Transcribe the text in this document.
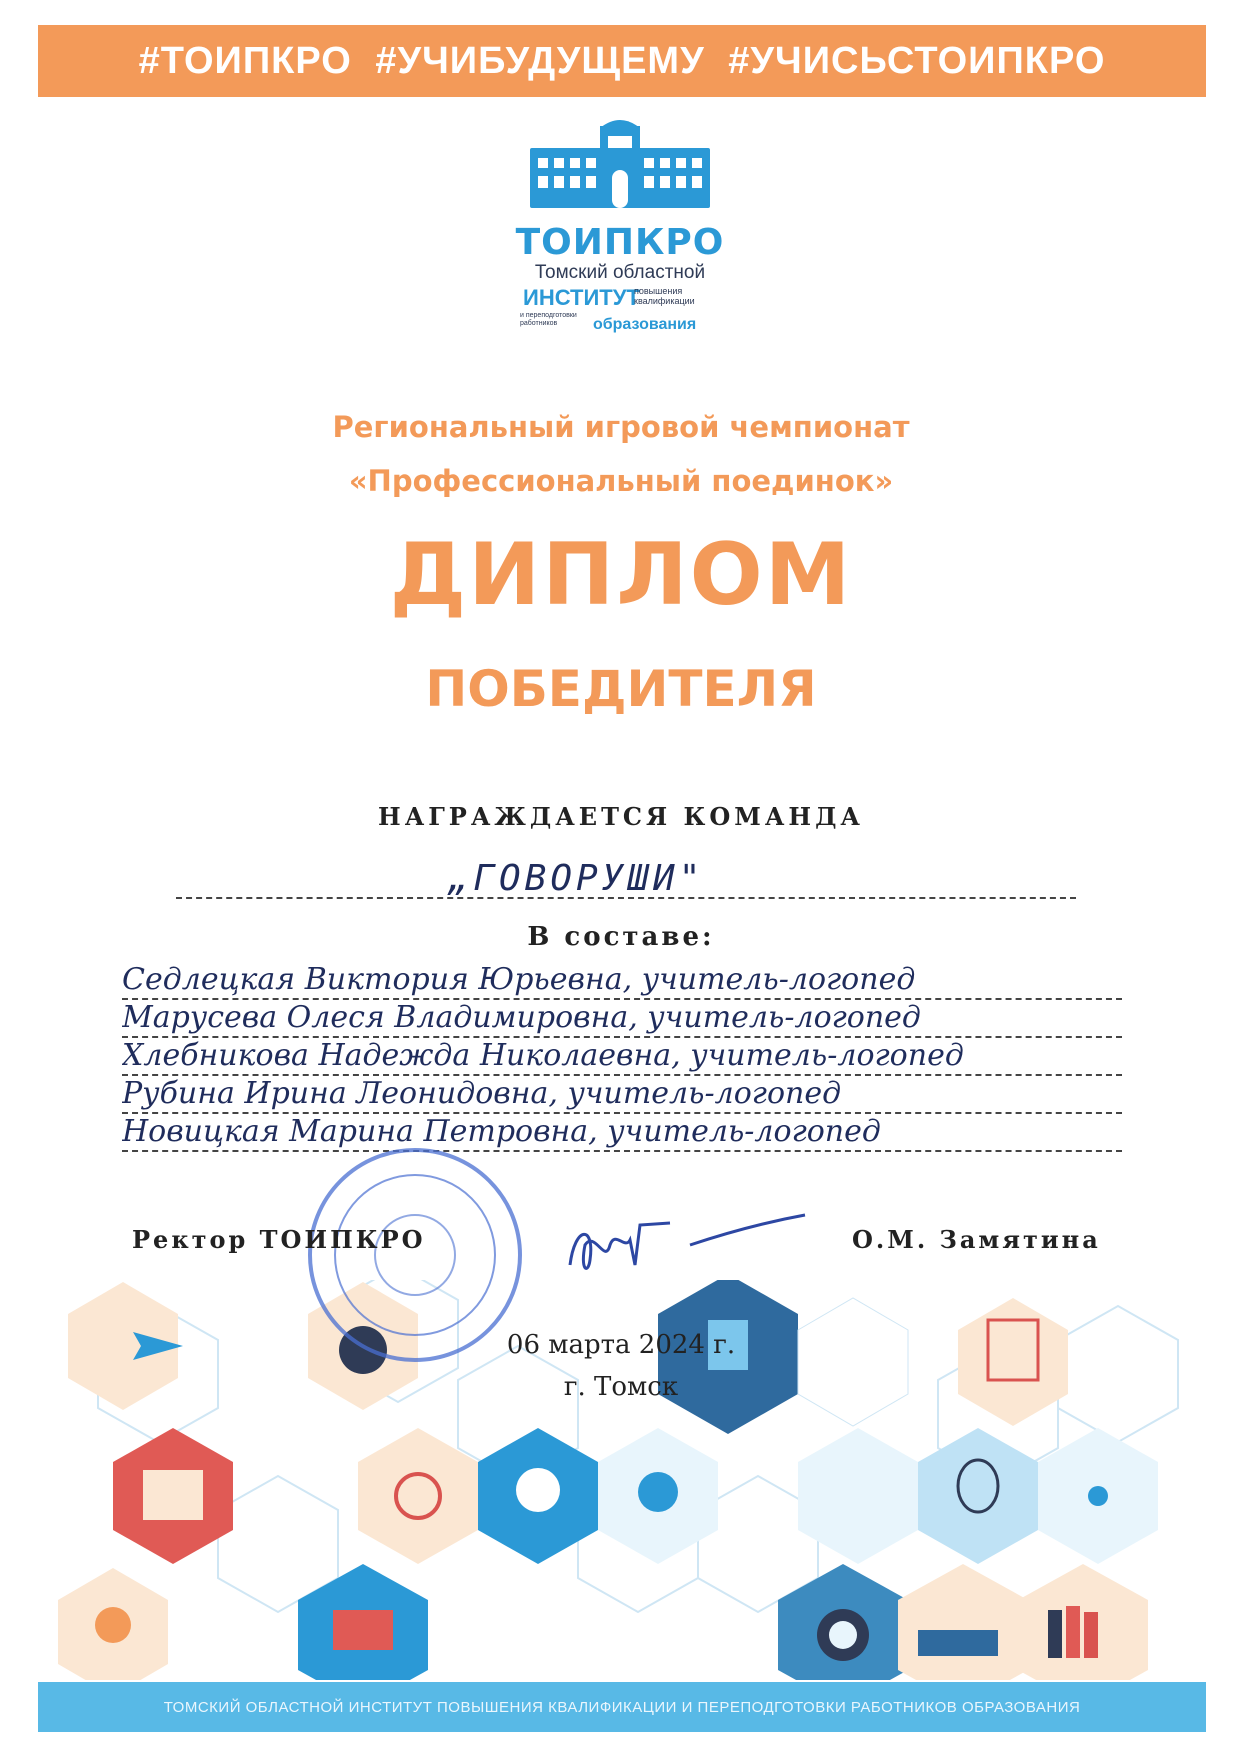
#ТОИПКРО #УЧИБУДУЩЕМУ #УЧИСЬСТОИПКРО
ТОИПКРО
Томский областной
ИНСТИТУТ
повышения квалификации
и переподготовки работников	образования
Региональный игровой чемпионат
«Профессиональный поединок»
ДИПЛОМ
ПОБЕДИТЕЛЯ
НАГРАЖДАЕТСЯ КОМАНДА
„ГОВОРУШИ"
В составе:
Седлецкая Виктория Юрьевна, учитель-логопед
Марусева Олеся Владимировна, учитель-логопед
Хлебникова Надежда Николаевна, учитель-логопед
Рубина Ирина Леонидовна, учитель-логопед
Новицкая Марина Петровна, учитель-логопед
Ректор ТОИПКРО	О.М. Замятина
06 марта 2024 г.
г. Томск
ТОМСКИЙ ОБЛАСТНОЙ ИНСТИТУТ ПОВЫШЕНИЯ КВАЛИФИКАЦИИ И ПЕРЕПОДГОТОВКИ РАБОТНИКОВ ОБРАЗОВАНИЯ
